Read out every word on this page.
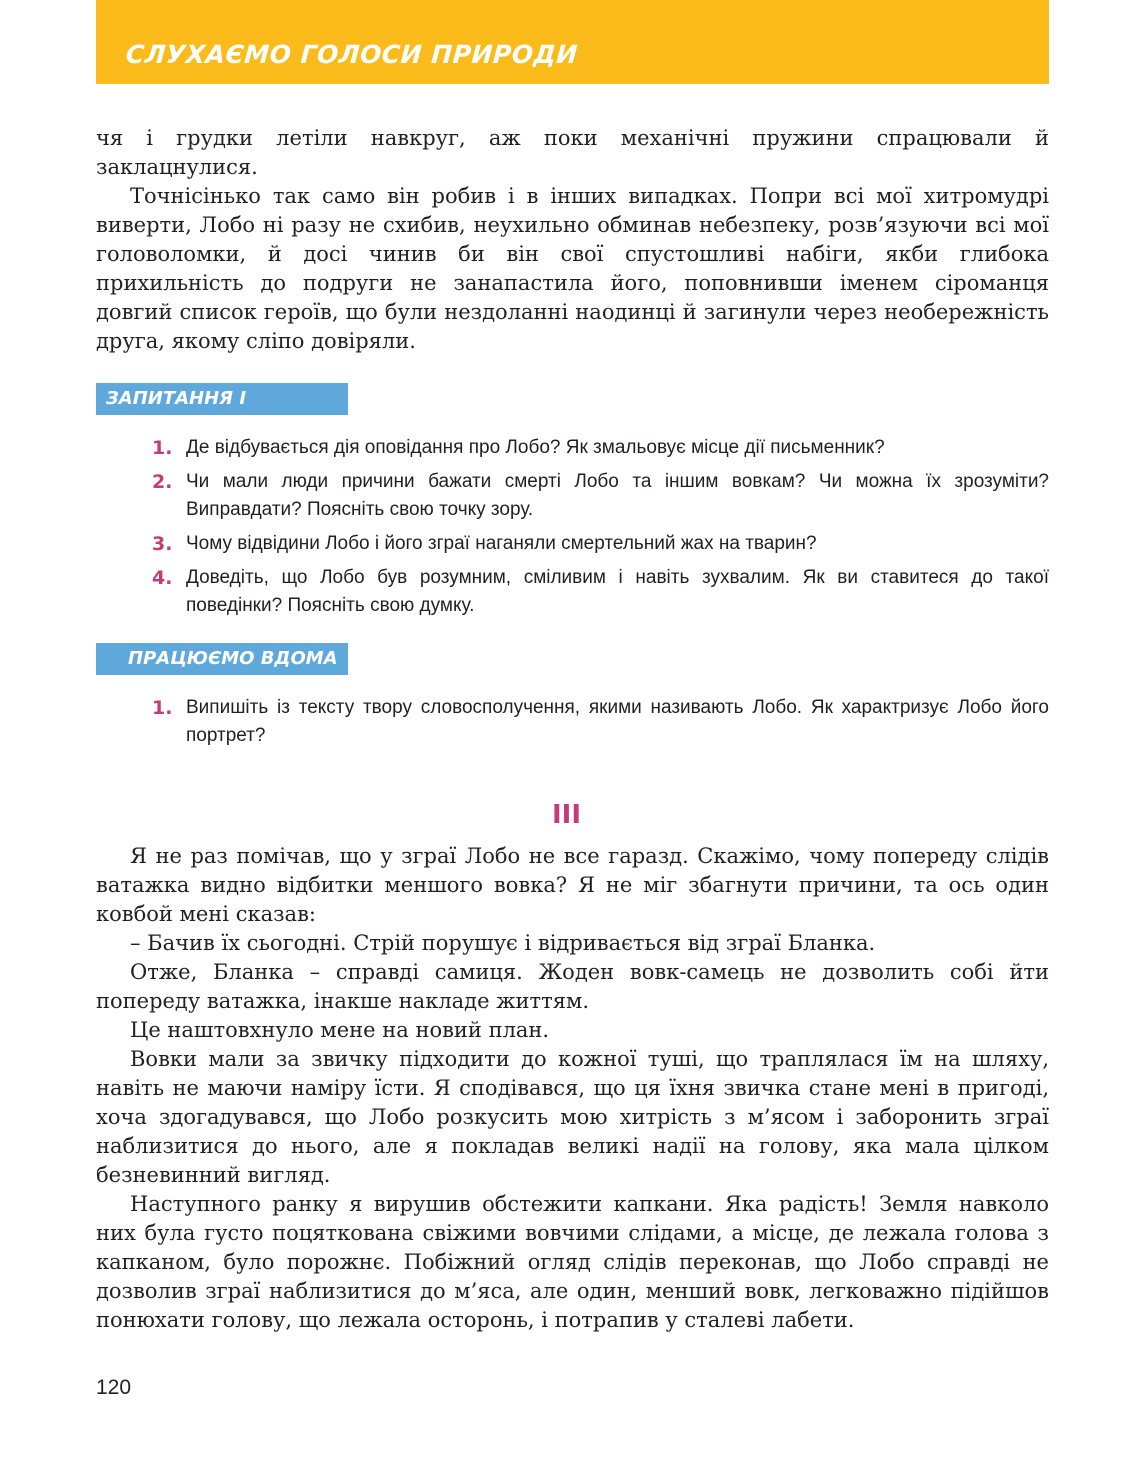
СЛУХАЄМО ГОЛОСИ ПРИРОДИ

чя і грудки летіли навкруг, аж поки механічні пружини спрацювали й заклацнулися.

Точнісінько так само він робив і в інших випадках. Попри всі мої хитромудрі виверти, Лобо ні разу не схибив, неухильно обминав небезпеку, розв’язуючи всі мої головоломки, й досі чинив би він свої спустошливі набіги, якби глибока прихильність до подруги не занапастила його, поповнивши іменем сіроманця довгий список героїв, що були нездоланні наодинці й загинули через необережність друга, якому сліпо довіряли.

ЗАПИТАННЯ І ЗАВДАННЯ
1. Де відбувається дія оповідання про Лобо? Як змальовує місце дії письменник?
2. Чи мали люди причини бажати смерті Лобо та іншим вовкам? Чи можна їх зрозуміти? Виправдати? Поясніть свою точку зору.
3. Чому відвідини Лобо і його зграї наганяли смертельний жах на тварин?
4. Доведіть, що Лобо був розумним, сміливим і навіть зухвалим. Як ви ставитеся до такої поведінки? Поясніть свою думку.
ПРАЦЮЄМО ВДОМА
1. Випишіть із тексту твору словосполучення, якими називають Лобо. Як характризує Лобо його портрет?
III

Я не раз помічав, що у зграї Лобо не все гаразд. Скажімо, чому попереду слідів ватажка видно відбитки меншого вовка? Я не міг збагнути причини, та ось один ковбой мені сказав:

– Бачив їх сьогодні. Стрій порушує і відривається від зграї Бланка.

Отже, Бланка – справді самиця. Жоден вовк-самець не дозволить собі йти попереду ватажка, інакше накладе життям.

Це наштовхнуло мене на новий план.

Вовки мали за звичку підходити до кожної туші, що траплялася їм на шляху, навіть не маючи наміру їсти. Я сподівався, що ця їхня звичка стане мені в пригоді, хоча здогадувався, що Лобо розкусить мою хитрість з м’ясом і заборонить зграї наблизитися до нього, але я покладав великі надії на голову, яка мала цілком безневинний вигляд.

Наступного ранку я вирушив обстежити капкани. Яка радість! Земля навколо них була густо поцяткована свіжими вовчими слідами, а місце, де лежала голова з капканом, було порожнє. Побіжний огляд слідів переконав, що Лобо справді не дозволив зграї наблизитися до м’яса, але один, менший вовк, легковажно підійшов понюхати голову, що лежала осторонь, і потрапив у сталеві лабети.

120
